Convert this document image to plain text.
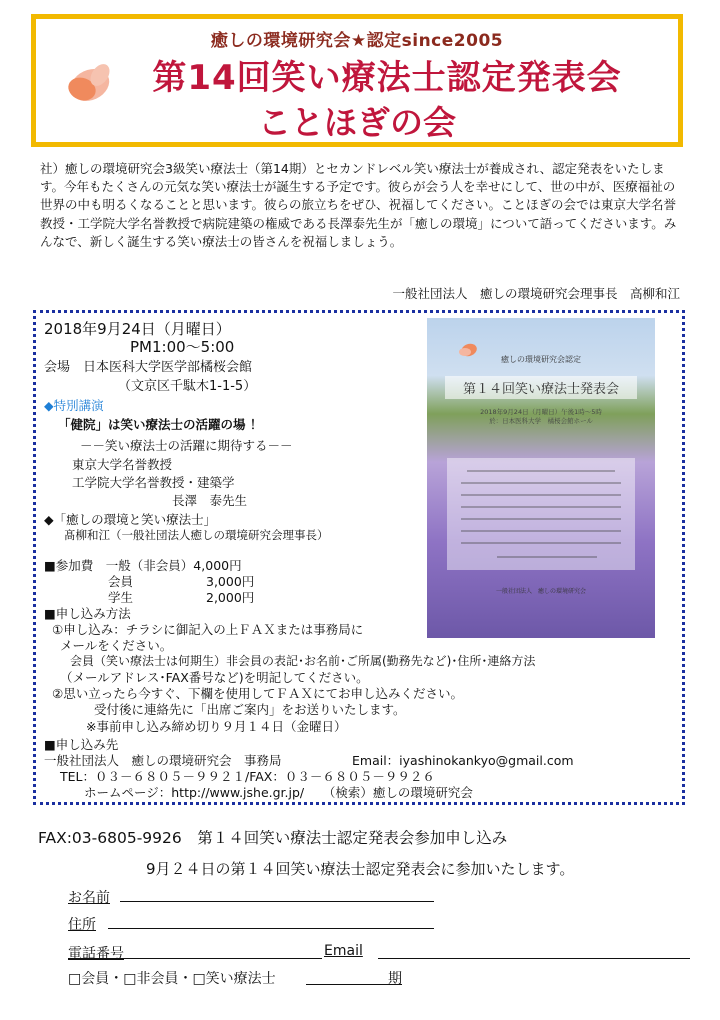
癒しの環境研究会★認定since2005
第14回笑い療法士認定発表会
ことほぎの会
社）癒しの環境研究会3級笑い療法士（第14期）とセカンドレベル笑い療法士が養成され、認定発表をいたします。今年もたくさんの元気な笑い療法士が誕生する予定です。彼らが会う人を幸せにして、世の中が、医療福祉の世界の中も明るくなることと思います。彼らの旅立ちをぜひ、祝福してください。ことほぎの会では東京大学名誉教授・工学院大学名誉教授で病院建築の権威である長澤泰先生が「癒しの環境」について語ってくださいます。みんなで、新しく誕生する笑い療法士の皆さんを祝福しましょう。
一般社団法人　癒しの環境研究会理事長　高柳和江
癒しの環境研究会認定
第１４回笑い療法士発表会
2018年9月24日（月曜日）午後1時～5時
於：日本医科大学　橘桜会館ホール
一般社団法人　癒しの環境研究会
2018年9月24日（月曜日）
PM1:00～5:00
会場　日本医科大学医学部橘桜会館
（文京区千駄木1-1-5）
◆特別講演
「健院」は笑い療法士の活躍の場 ！
－－笑い療法士の活躍に期待する－－
東京大学名誉教授
工学院大学名誉教授・建築学
長澤　泰先生
◆「癒しの環境と笑い療法士」
髙柳和江（一般社団法人癒しの環境研究会理事長）
■参加費　一般（非会員）4,000円
会員	3,000円
学生	2,000円
■申し込み方法
①申し込み：チラシに御記入の上ＦＡＸまたは事務局に
メールをください。
会員（笑い療法士は何期生）非会員の表記･お名前･ご所属(勤務先など)･住所･連絡方法
（メールアドレス･FAX番号など)を明記してください。
②思い立ったら今すぐ、下欄を使用してＦＡＸにてお申し込みください。
受付後に連絡先に「出席ご案内」をお送りいたします。
※事前申し込み締め切り９月１４日（金曜日）
■申し込み先
一般社団法人　癒しの環境研究会　事務局	Email：iyashinokankyo@gmail.com
TEL：０３－６８０５－９９２１/FAX：０３－６８０５－９９２６
ホームページ：http://www.jshe.gr.jp/　　（検索）癒しの環境研究会
FAX:03-6805-9926　第１４回笑い療法士認定発表会参加申し込み
9月２４日の第１４回笑い療法士認定発表会に参加いたします。
お名前
住所
電話番号	Email
□会員・□非会員・□笑い療法士	期
